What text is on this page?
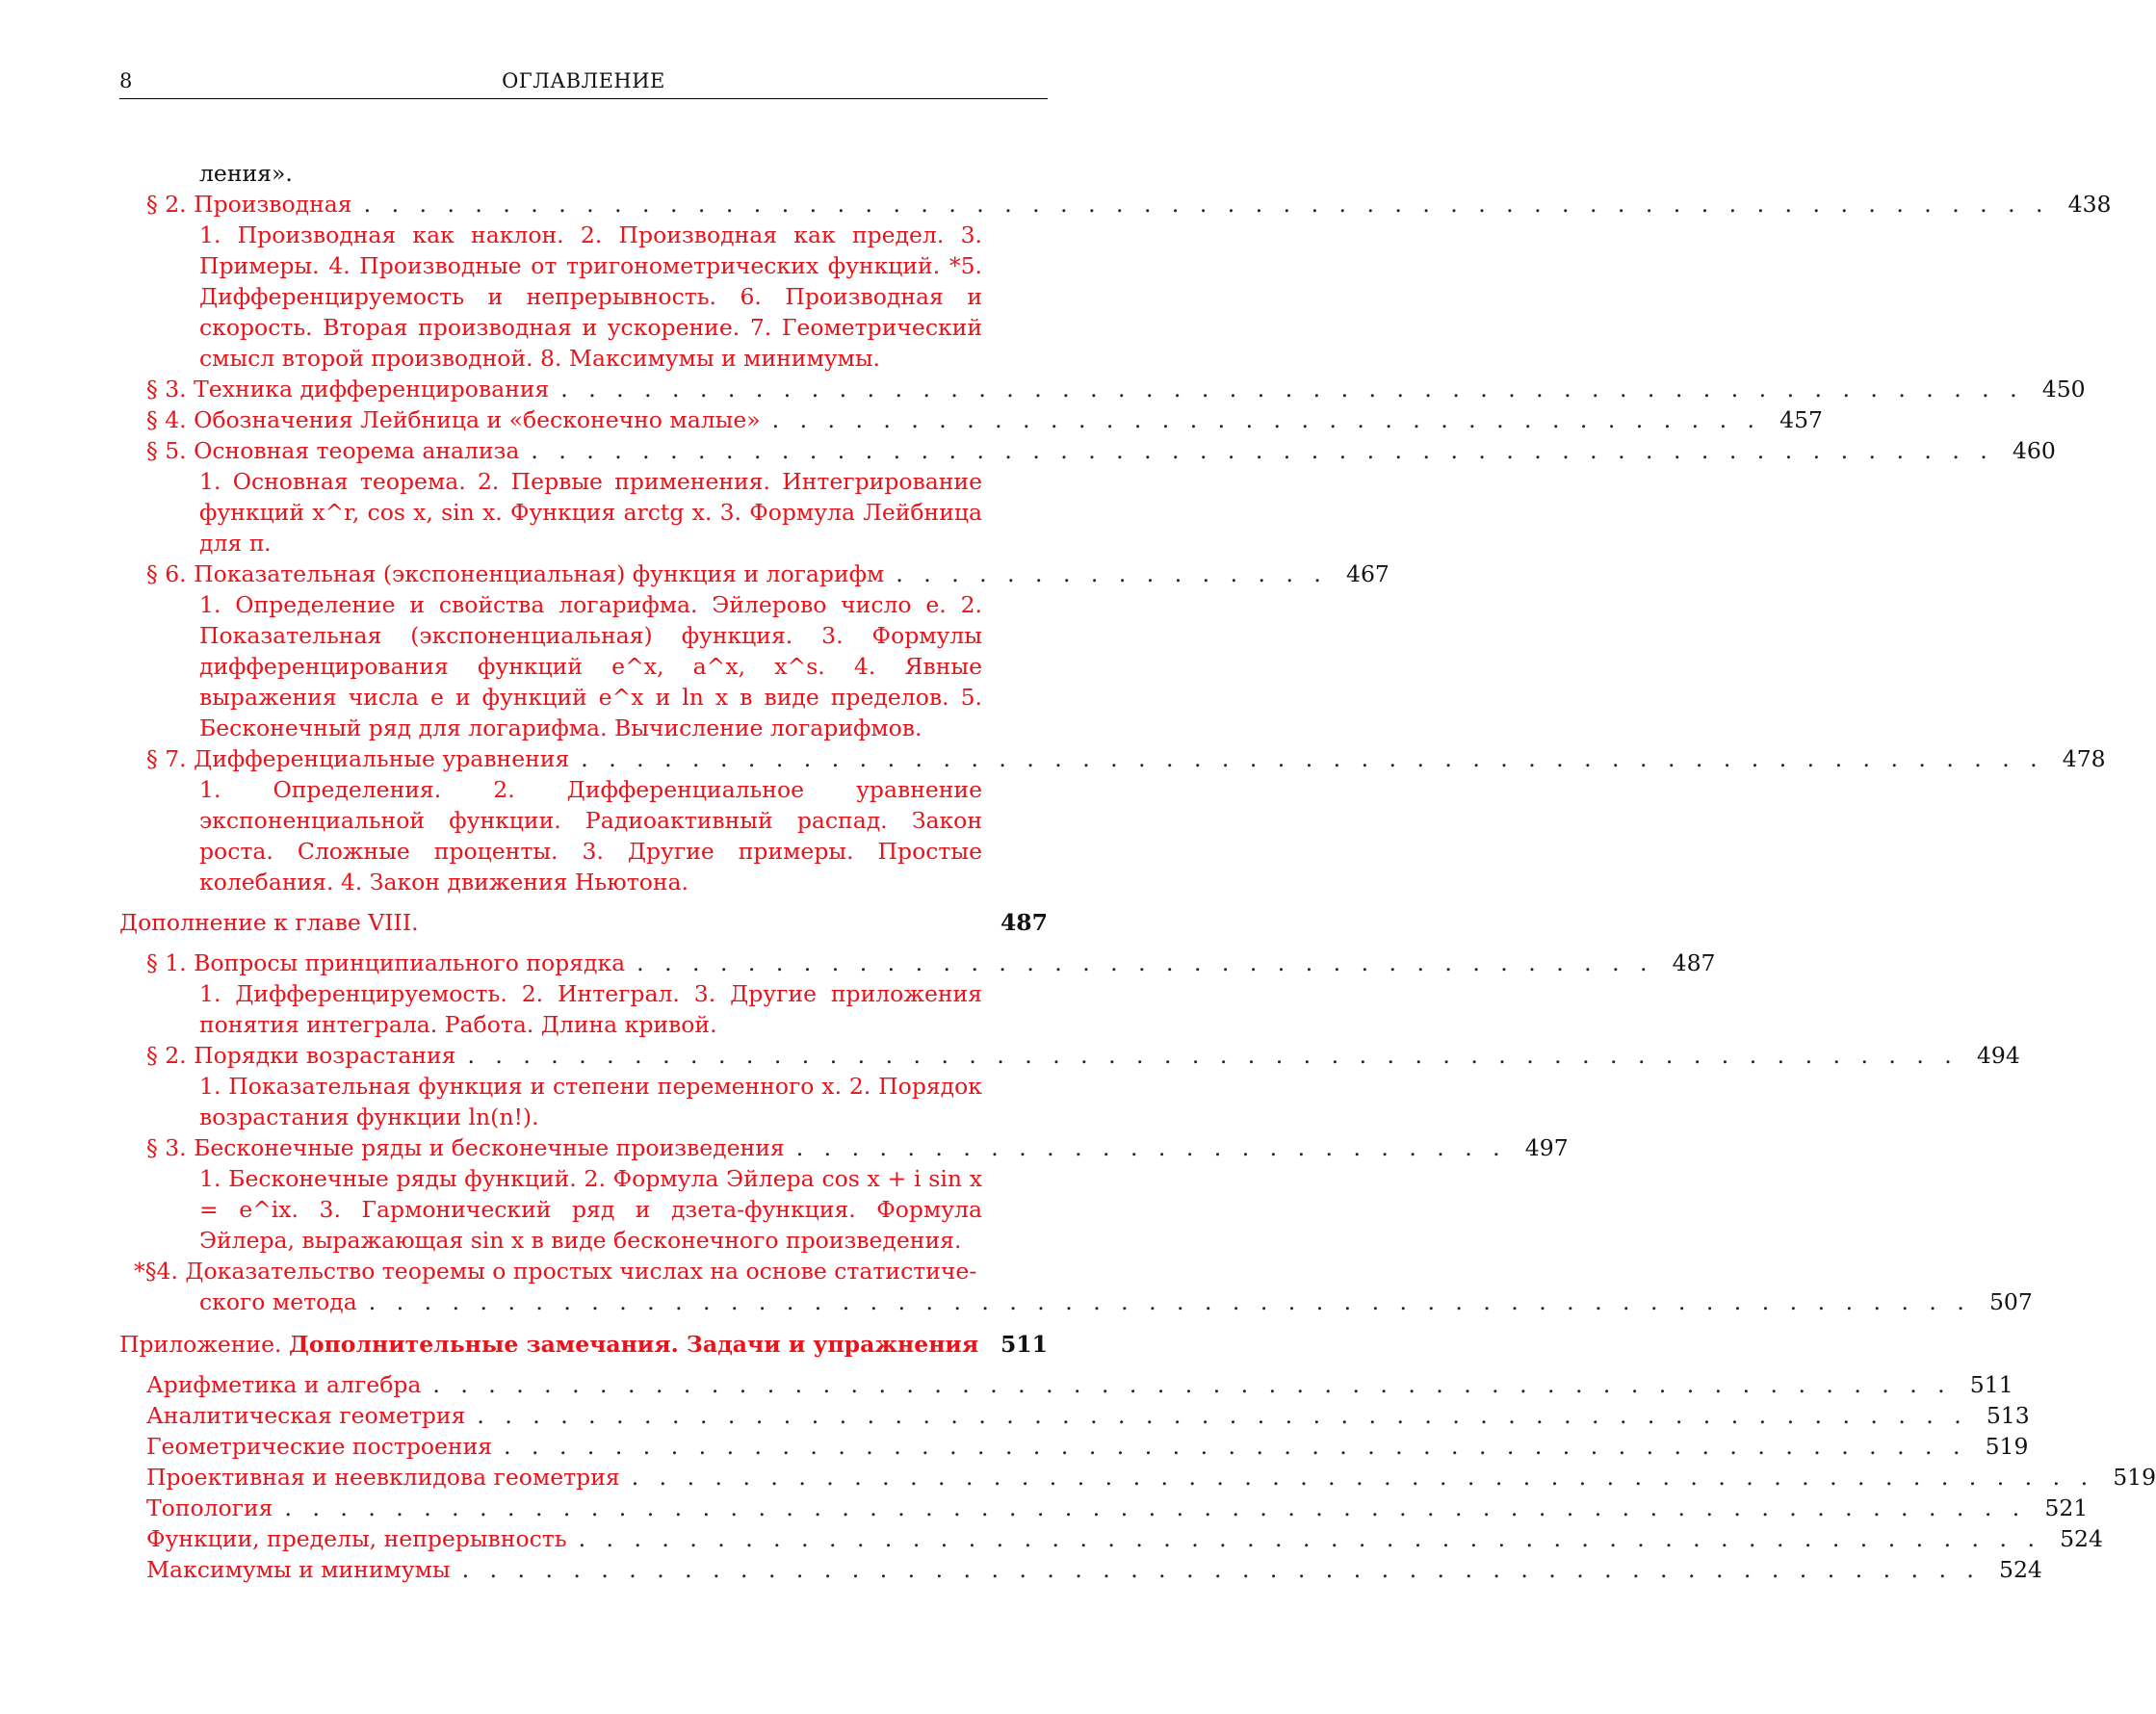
8	ОГЛАВЛЕНИЕ
ления».
§ 2. Производная . . . . . . . . . . . . . . . . . . . . . . . . . . . . . . . . . . . . . . . . . . . . . . . . . . . . . . . . . . . . . 438
1. Производная как наклон. 2. Производная как предел. 3. Примеры. 4. Производные от тригонометрических функций. *5. Дифференцируемость и непрерывность. 6. Производная и скорость. Вторая производная и ускорение. 7. Геометрический смысл второй производной. 8. Максимумы и минимумы.
§ 3. Техника дифференцирования . . . . . . . . . . . . . . . . . . . . . . . . . . . . . . . . . . . . . . . . . . . . . . . . . . . . . 450
§ 4. Обозначения Лейбница и «бесконечно малые» . . . . . . . . . . . . . . . . . . . . . . . . . . . . . . . . . . . . 457
§ 5. Основная теорема анализа . . . . . . . . . . . . . . . . . . . . . . . . . . . . . . . . . . . . . . . . . . . . . . . . . . . . . 460
1. Основная теорема. 2. Первые применения. Интегрирование функций x^r, cos x, sin x. Функция arctg x. 3. Формула Лейбница для π.
§ 6. Показательная (экспоненциальная) функция и логарифм . . . . . . . . . . . . . . . . 467
1. Определение и свойства логарифма. Эйлерово число e. 2. Показательная (экспоненциальная) функция. 3. Формулы дифференцирования функций e^x, a^x, x^s. 4. Явные выражения числа e и функций e^x и ln x в виде пределов. 5. Бесконечный ряд для логарифма. Вычисление логарифмов.
§ 7. Дифференциальные уравнения . . . . . . . . . . . . . . . . . . . . . . . . . . . . . . . . . . . . . . . . . . . . . . . . . . . . . 478
1. Определения. 2. Дифференциальное уравнение экспоненциальной функции. Радиоактивный распад. Закон роста. Сложные проценты. 3. Другие примеры. Простые колебания. 4. Закон движения Ньютона.
Дополнение к главе VIII.	487
§ 1. Вопросы принципиального порядка . . . . . . . . . . . . . . . . . . . . . . . . . . . . . . . . . . . . . 487
1. Дифференцируемость. 2. Интеграл. 3. Другие приложения понятия интеграла. Работа. Длина кривой.
§ 2. Порядки возрастания . . . . . . . . . . . . . . . . . . . . . . . . . . . . . . . . . . . . . . . . . . . . . . . . . . . . . . 494
1. Показательная функция и степени переменного x. 2. Порядок возрастания функции ln(n!).
§ 3. Бесконечные ряды и бесконечные произведения . . . . . . . . . . . . . . . . . . . . . . . . . . 497
1. Бесконечные ряды функций. 2. Формула Эйлера cos x + i sin x = e^ix. 3. Гармонический ряд и дзета-функция. Формула Эйлера, выражающая sin x в виде бесконечного произведения.
*§4. Доказательство теоремы о простых числах на основе статистиче-
ского метода . . . . . . . . . . . . . . . . . . . . . . . . . . . . . . . . . . . . . . . . . . . . . . . . . . . . . . . . . . 507
Приложение. Дополнительные замечания. Задачи и упражнения 511
Арифметика и алгебра . . . . . . . . . . . . . . . . . . . . . . . . . . . . . . . . . . . . . . . . . . . . . . . . . . . . . . . 511
Аналитическая геометрия . . . . . . . . . . . . . . . . . . . . . . . . . . . . . . . . . . . . . . . . . . . . . . . . . . . . . . 513
Геометрические построения . . . . . . . . . . . . . . . . . . . . . . . . . . . . . . . . . . . . . . . . . . . . . . . . . . . . . 519
Проективная и неевклидова геометрия . . . . . . . . . . . . . . . . . . . . . . . . . . . . . . . . . . . . . . . . . . . . . . . . . . . . . 519
Топология . . . . . . . . . . . . . . . . . . . . . . . . . . . . . . . . . . . . . . . . . . . . . . . . . . . . . . . . . . . . . . . 521
Функции, пределы, непрерывность . . . . . . . . . . . . . . . . . . . . . . . . . . . . . . . . . . . . . . . . . . . . . . . . . . . . . 524
Максимумы и минимумы . . . . . . . . . . . . . . . . . . . . . . . . . . . . . . . . . . . . . . . . . . . . . . . . . . . . . . . 524
